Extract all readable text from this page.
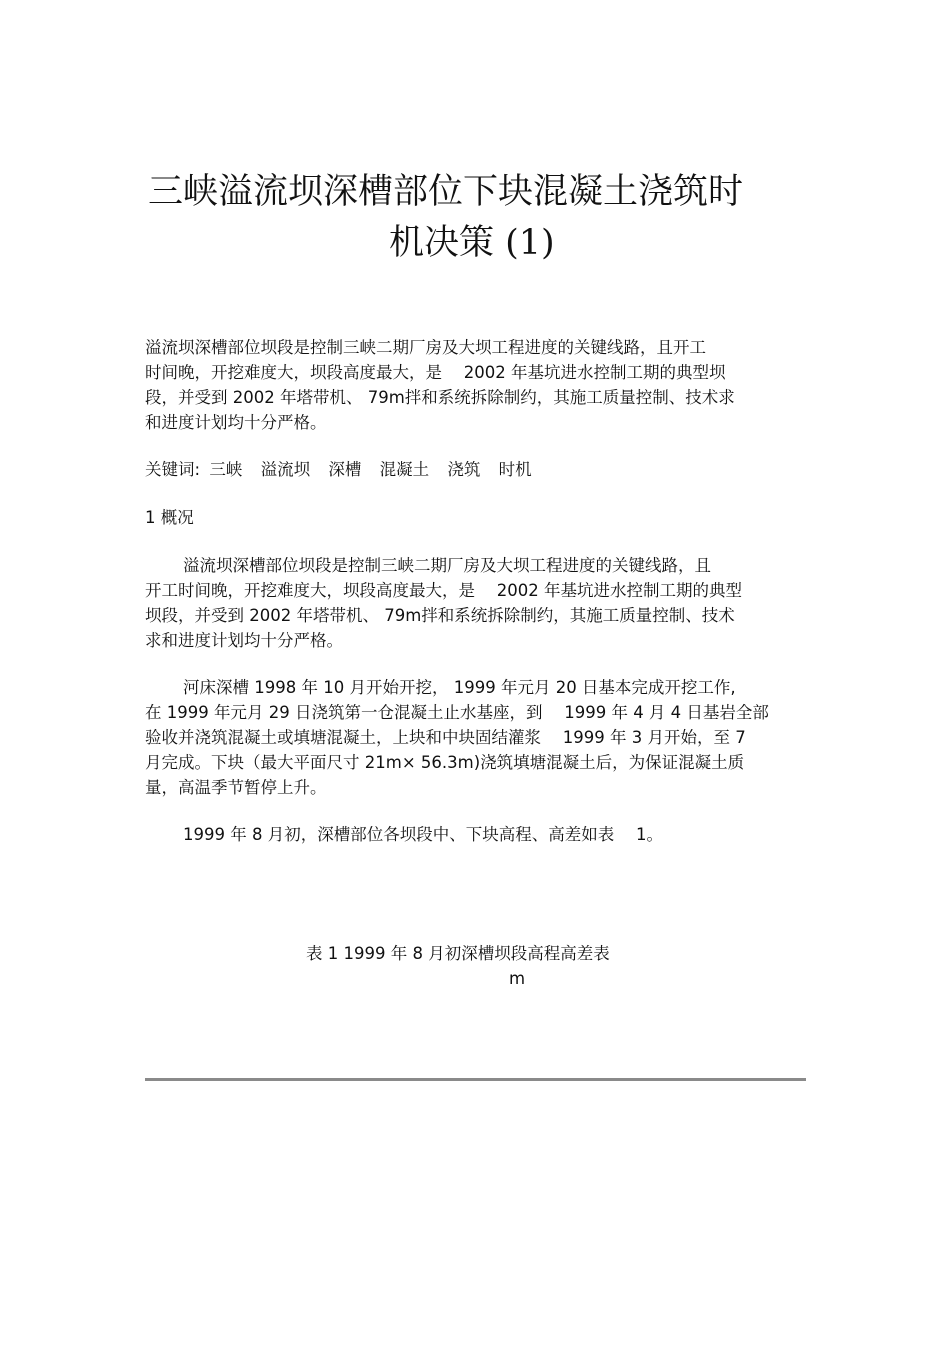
三峡溢流坝深槽部位下块混凝土浇筑时
机决策 (1)
溢流坝深槽部位坝段是控制三峡二期厂房及大坝工程进度的关键线路，且开工
时间晚，开挖难度大，坝段高度最大，是　 2002 年基坑进水控制工期的典型坝
段，并受到 2002 年塔带机、 79m拌和系统拆除制约，其施工质量控制、技术求
和进度计划均十分严格。
关键词: 三峡 溢流坝 深槽 混凝土 浇筑 时机
1 概况
溢流坝深槽部位坝段是控制三峡二期厂房及大坝工程进度的关键线路，且
开工时间晚，开挖难度大，坝段高度最大，是　 2002 年基坑进水控制工期的典型
坝段，并受到 2002 年塔带机、 79m拌和系统拆除制约，其施工质量控制、技术
求和进度计划均十分严格。
河床深槽 1998 年 10 月开始开挖， 1999 年元月 20 日基本完成开挖工作,
在 1999 年元月 29 日浇筑第一仓混凝土止水基座，到　 1999 年 4 月 4 日基岩全部
验收并浇筑混凝土或填塘混凝土，上块和中块固结灌浆　 1999 年 3 月开始，至 7
月完成。下块（最大平面尺寸 21m× 56.3m)浇筑填塘混凝土后，为保证混凝土质
量，高温季节暂停上升。
1999 年 8 月初，深槽部位各坝段中、下块高程、高差如表　 1。
表 1 1999 年 8 月初深槽坝段高程高差表
m
